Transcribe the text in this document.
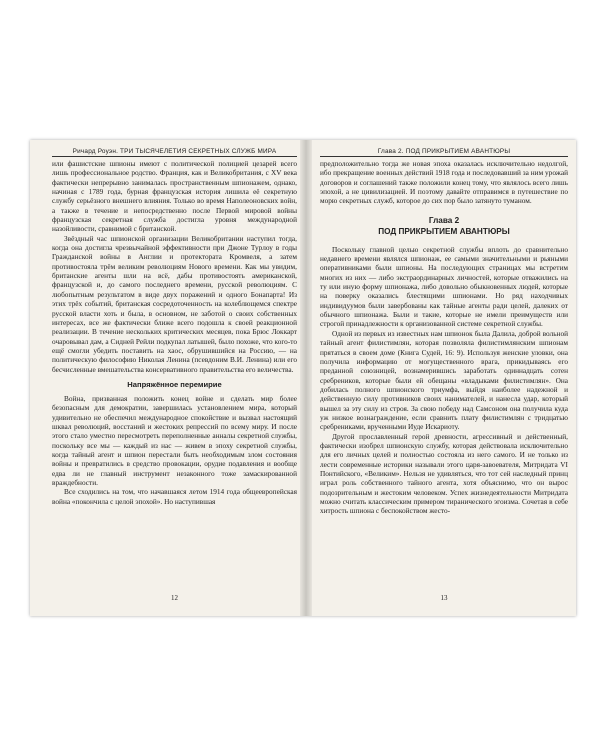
Ричард Роуэн. ТРИ ТЫСЯЧЕЛЕТИЯ СЕКРЕТНЫХ СЛУЖБ МИРА

или фашистские шпионы имеют с политической полицией цезарей всего лишь профессиональное родство. Франция, как и Великобритания, с XV века фактически непрерывно занималась пространственным шпионажем, однако, начиная с 1789 года, бурная французская история лишила её секретную службу серьёзного внешнего влияния. Только во время Наполеоновских войн, а также в течение и непосредственно после Первой мировой войны французская секретная служба достигла уровня международной назойливости, сравнимой с британской.

Звёздный час шпионской организации Великобритании наступил тогда, когда она достигла чрезвычайной эффективности при Джоне Турлоу в годы Гражданской войны в Англии и протектората Кромвеля, а затем противостояла трём великим революциям Нового времени. Как мы увидим, британские агенты шли на всё, дабы противостоять американской, французской и, до самого последнего времени, русской революциям. С любопытным результатом в виде двух поражений и одного Бонапарта! Из этих трёх событий, британская сосредоточенность на колеблющемся спектре русской власти хоть и была, в основном, не заботой о своих собственных интересах, все же фактически ближе всего подошла к своей реакционной реализации. В течение нескольких критических месяцев, пока Брюс Локкарт очаровывал дам, а Сидней Рейли подкупал латышей, было похоже, что кого-то ещё смогли убедить поставить на хаос, обрушившийся на Россию, — на политическую философию Николая Ленина (псевдоним В.И. Ленина) или его бесчисленные вмешательства консервативного правительства его величества.

Напряжённое перемирие

Война, призванная положить конец войне и сделать мир более безопасным для демократии, завершилась установлением мира, который удивительно не обеспечил международное спокойствие и вызвал настоящий шквал революций, восстаний и жестоких репрессий по всему миру. И после этого стало уместно пересмотреть переполненные анналы секретной службы, поскольку все мы — каждый из нас — живем в эпоху секретной службы, когда тайный агент и шпион перестали быть необходимым злом состояния войны и превратились в средство провокации, орудие подавления и вообще едва ли не главный инструмент незаконного тоже замаскированной враждебности.

Все сходились на том, что начавшаяся летом 1914 года общеевропейская война «покончила с целой эпохой». Но наступившая

12
Глава 2. ПОД ПРИКРЫТИЕМ АВАНТЮРЫ

предположительно тогда же новая эпоха оказалась исключительно недолгой, ибо прекращение военных действий 1918 года и последовавший за ним урожай договоров и соглашений также положили конец тому, что являлось всего лишь эпохой, а не цивилизацией. И поэтому давайте отправимся в путешествие по морю секретных служб, которое до сих пор было затянуто туманом.

Глава 2
ПОД ПРИКРЫТИЕМ АВАНТЮРЫ

Поскольку главной целью секретной службы вплоть до сравнительно недавнего времени являлся шпионаж, ее самыми значительными и рьяными оперативниками были шпионы. На последующих страницах мы встретим многих из них — либо экстраординарных личностей, которые отважились на ту или иную форму шпионажа, либо довольно обыкновенных людей, которые на поверку оказались блестящими шпионами. Но ряд находчивых индивидуумов были завербованы как тайные агенты ради целей, далеких от обычного шпионажа. Были и такие, которые не имели преимуществ или строгой принадлежности к организованной системе секретной службы.

Одной из первых из известных нам шпионок была Далила, доброй вольной тайный агент филистимлян, которая позволяла филистимлянским шпионам прятаться в своем доме (Книга Судей, 16: 9). Используя женские уловки, она получила информацию от могущественного врага, прикидываясь его преданной союзницей, вознамерившись заработать одиннадцать сотен сребреников, которые были ей обещаны «владыками филистимлян». Она добилась полного шпионского триумфа, выйдя наиболее надежной и действенную силу противников своих нанимателей, и нанесла удар, который вышел за эту силу из строя. За свою победу над Самсоном она получила куда уж низкое вознаграждение, если сравнить плату филистимлян с тридцатью сребрениками, врученными Иуде Искариоту.

Другой прославленный герой древности, агрессивный и действенный, фактически изобрел шпионскую службу, которая действовала исключительно для его личных целей и полностью состояла из него самого. И не только из лести современные историки называли этого царя-завоевателя, Митридата VI Понтийского, «Великим». Нельзя не удивляться, что тот сей наследный принц играл роль собственного тайного агента, хотя объяснимо, что он вырос подозрительным и жестоким человеком. Успех жизнедеятельности Митридата можно считать классическим примером тиранического эгоизма. Сочетая в себе хитрость шпиона с беспокойством жесто-

13
